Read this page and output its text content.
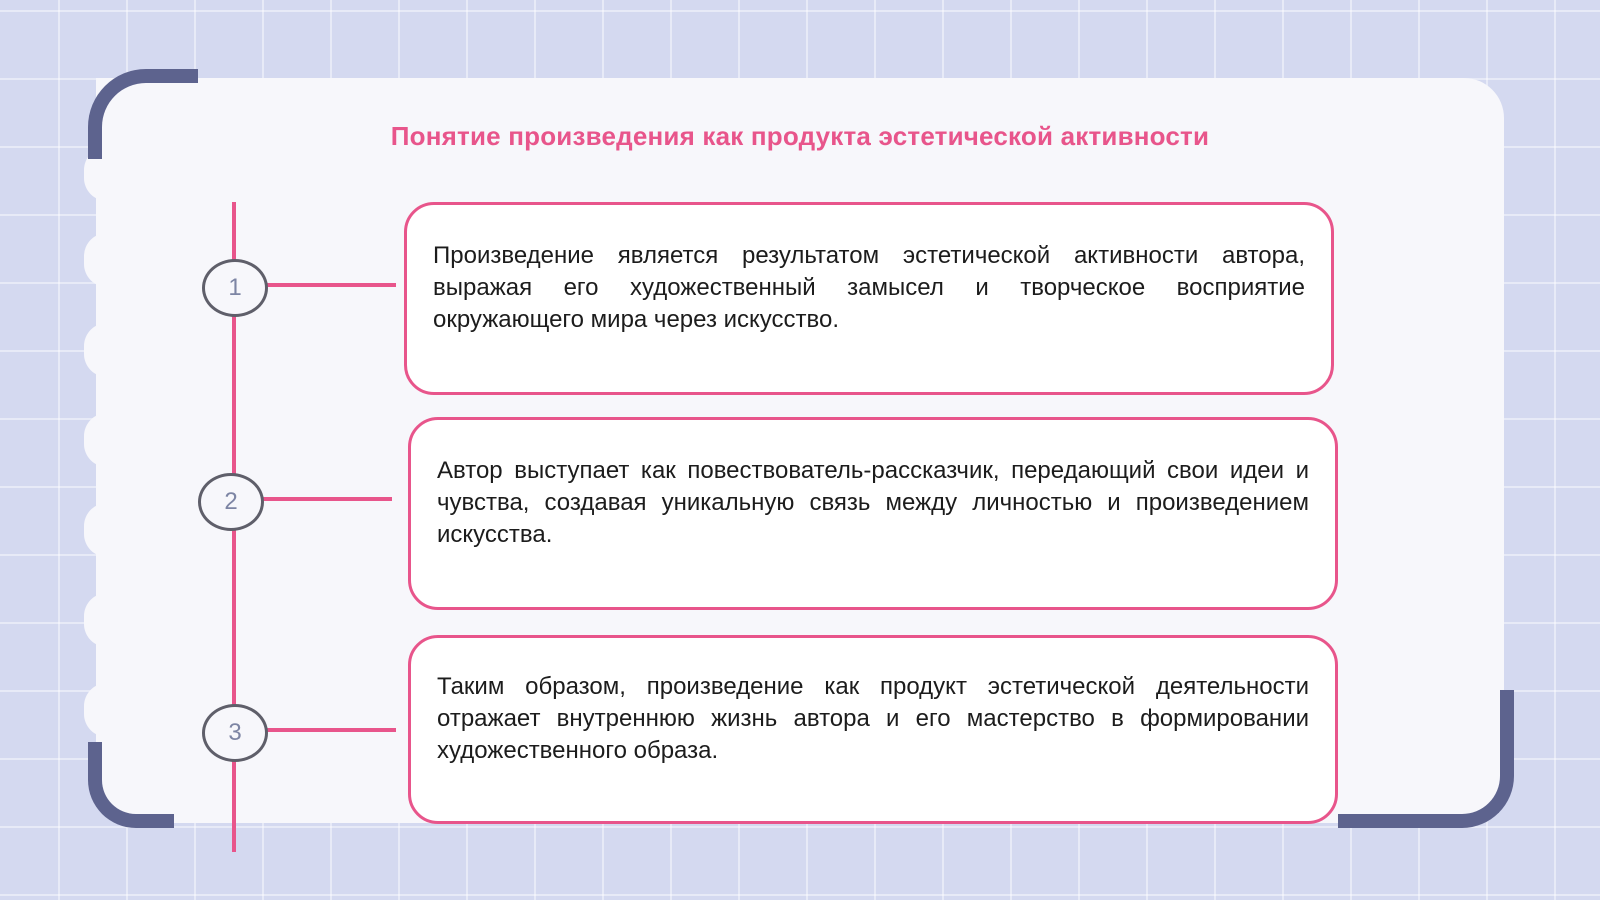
Понятие произведения как продукта эстетической активности
1
2
3
Произведение является результатом эстетической активности автора, выражая его художественный замысел и творческое восприятие окружающего мира через искусство.
Автор выступает как повествователь-рассказчик, передающий свои идеи и чувства, создавая уникальную связь между личностью и произведением искусства.
Таким образом, произведение как продукт эстетической деятельности отражает внутреннюю жизнь автора и его мастерство в формировании художественного образа.
